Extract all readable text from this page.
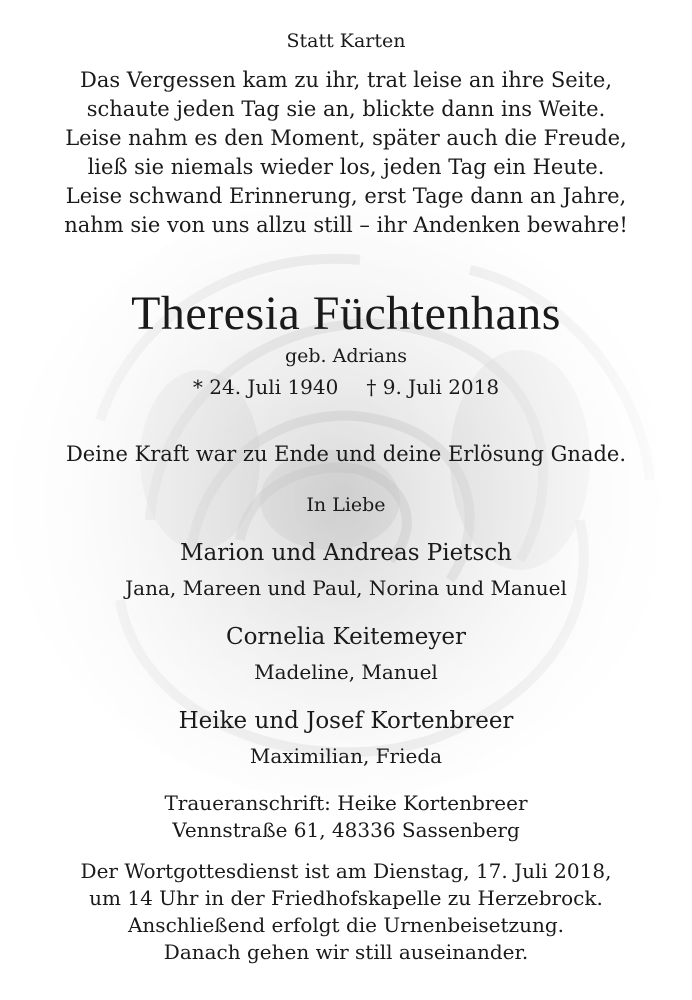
Statt Karten
Das Vergessen kam zu ihr, trat leise an ihre Seite,
schaute jeden Tag sie an, blickte dann ins Weite.
Leise nahm es den Moment, später auch die Freude,
ließ sie niemals wieder los, jeden Tag ein Heute.
Leise schwand Erinnerung, erst Tage dann an Jahre,
nahm sie von uns allzu still – ihr Andenken bewahre!
Theresia Füchtenhans
geb. Adrians
* 24. Juli 1940 † 9. Juli 2018
Deine Kraft war zu Ende und deine Erlösung Gnade.
In Liebe
Marion und Andreas Pietsch
Jana, Mareen und Paul, Norina und Manuel
Cornelia Keitemeyer
Madeline, Manuel
Heike und Josef Kortenbreer
Maximilian, Frieda
Traueranschrift: Heike Kortenbreer
Vennstraße 61, 48336 Sassenberg
Der Wortgottesdienst ist am Dienstag, 17. Juli 2018,
um 14 Uhr in der Friedhofskapelle zu Herzebrock.
Anschließend erfolgt die Urnenbeisetzung.
Danach gehen wir still auseinander.
